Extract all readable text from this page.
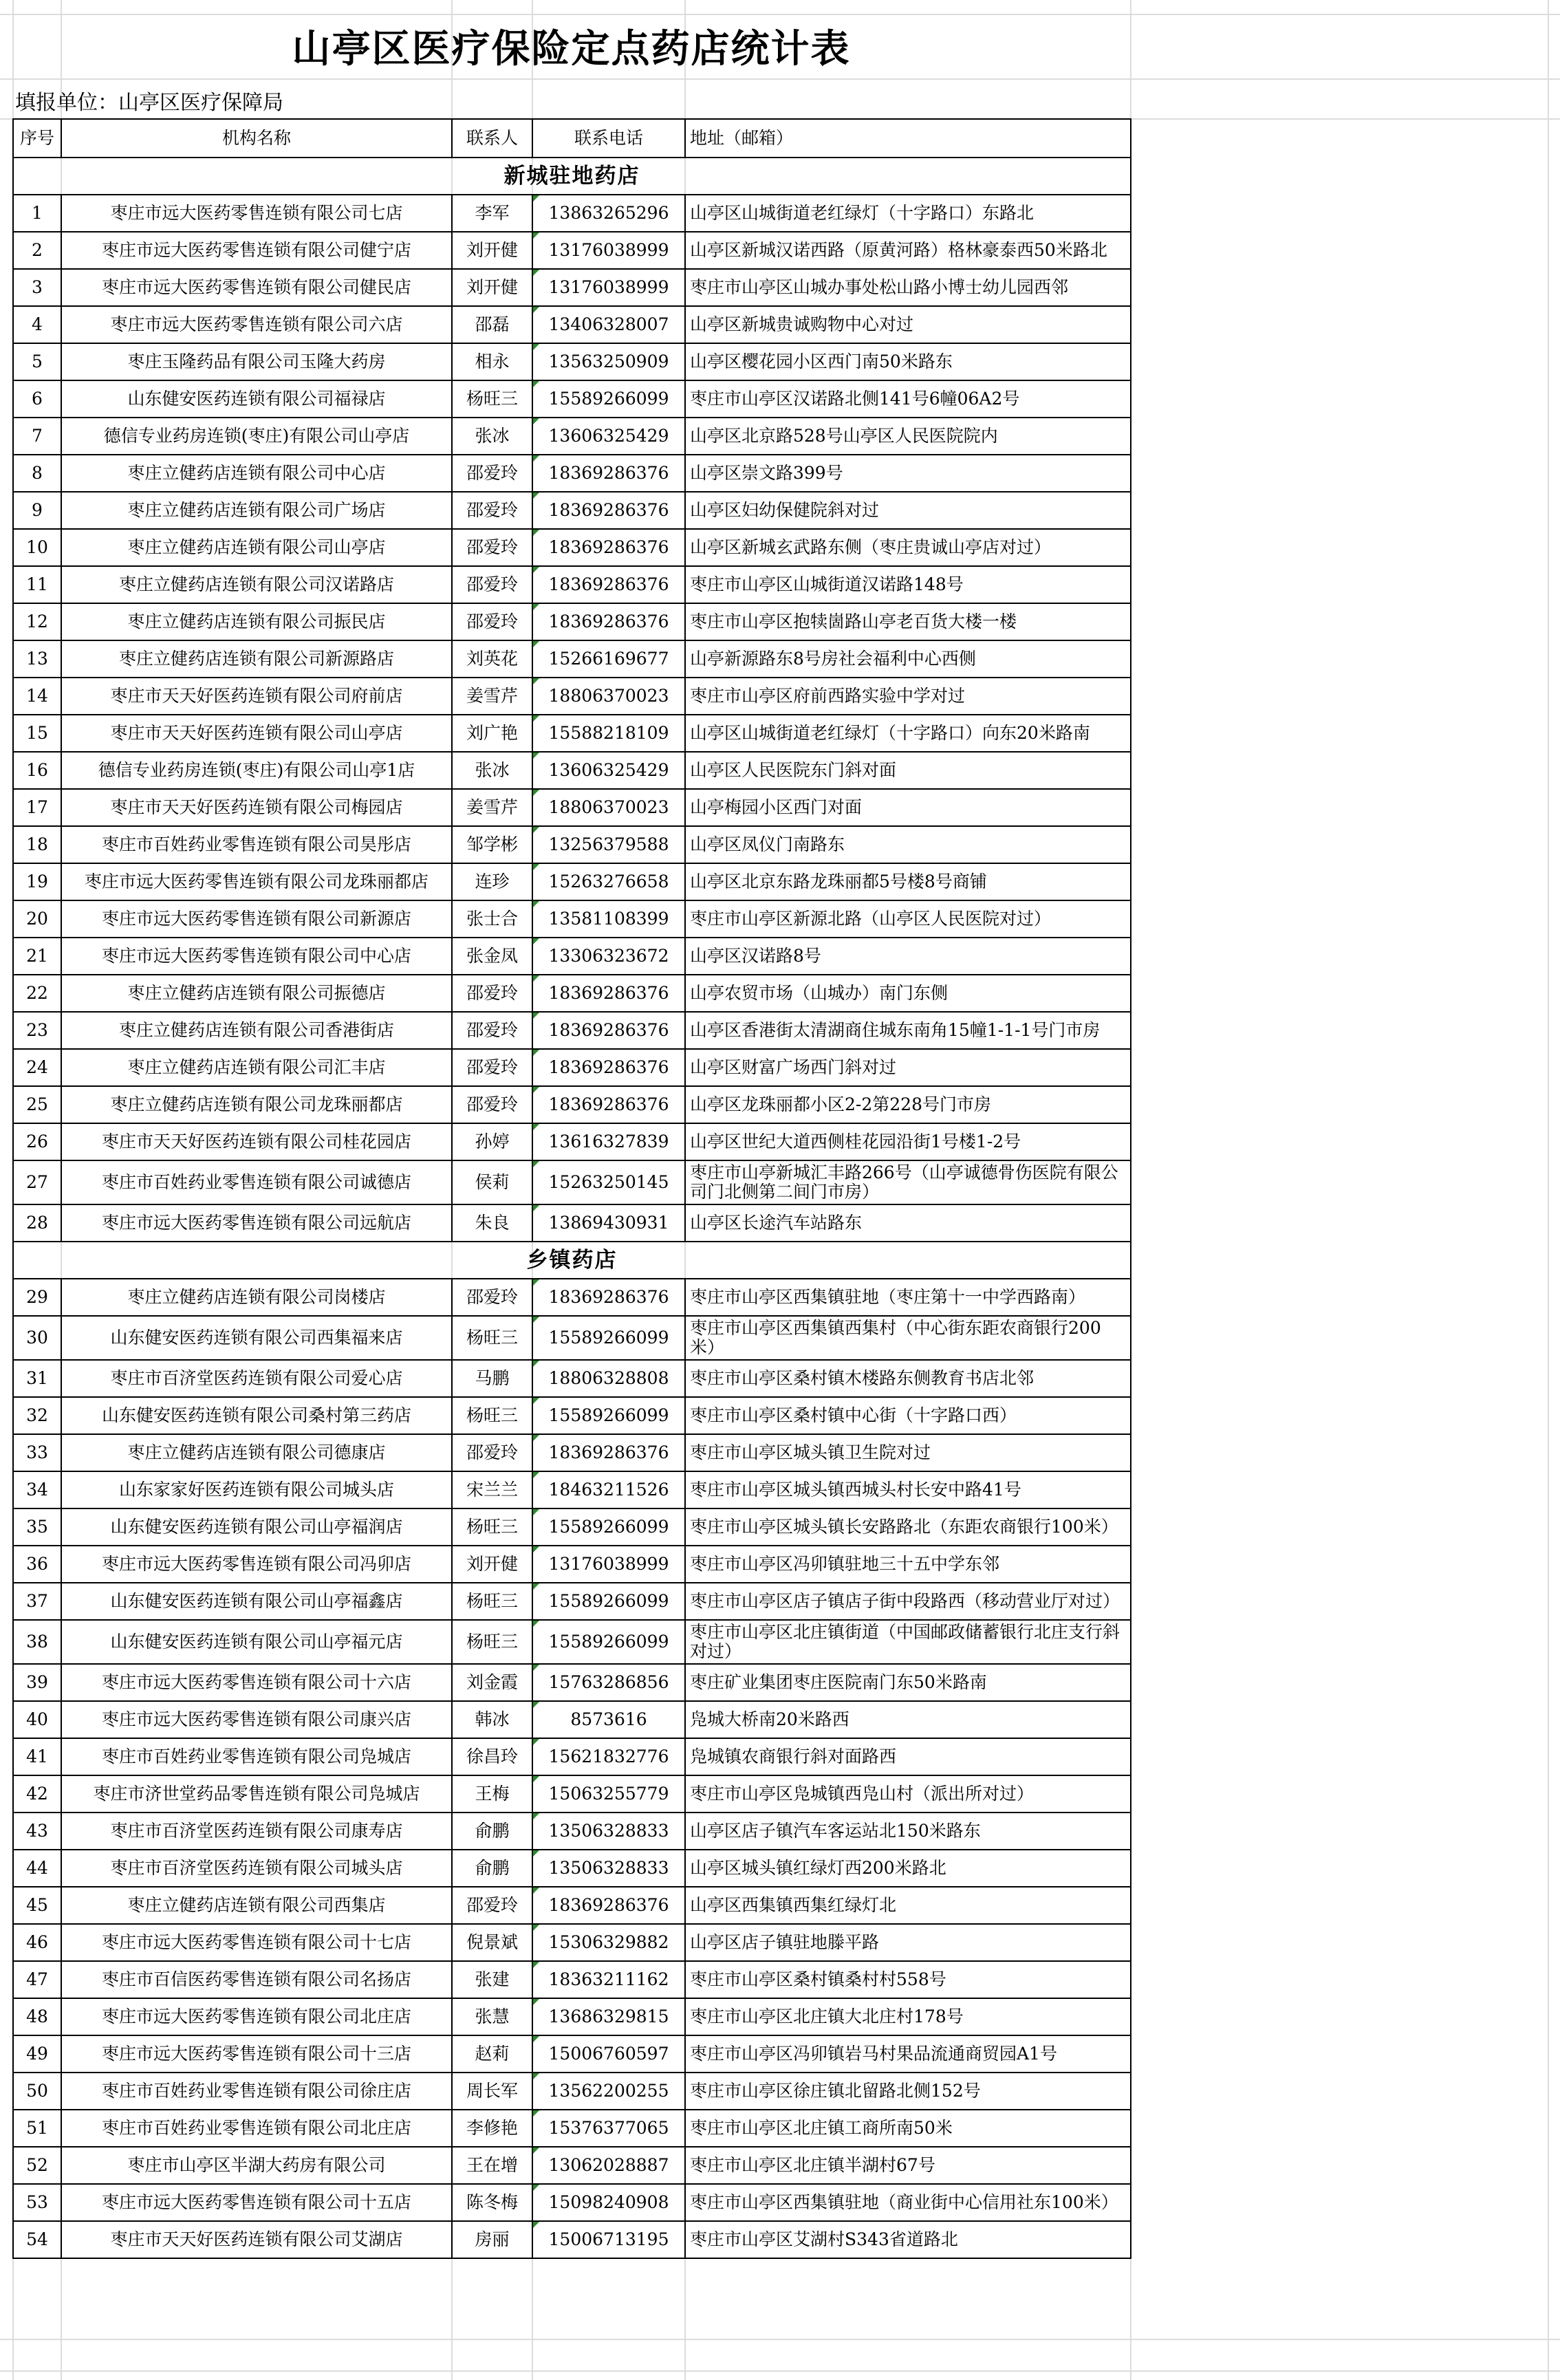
山亭区医疗保险定点药店统计表
填报单位：山亭区医疗保障局
序号	机构名称	联系人	联系电话	地址（邮箱）
新城驻地药店				
1	枣庄市远大医药零售连锁有限公司七店	李军	13863265296	山亭区山城街道老红绿灯（十字路口）东路北
2	枣庄市远大医药零售连锁有限公司健宁店	刘开健	13176038999	山亭区新城汉诺西路（原黄河路）格林豪泰西50米路北
3	枣庄市远大医药零售连锁有限公司健民店	刘开健	13176038999	枣庄市山亭区山城办事处松山路小博士幼儿园西邻
4	枣庄市远大医药零售连锁有限公司六店	邵磊	13406328007	山亭区新城贵诚购物中心对过
5	枣庄玉隆药品有限公司玉隆大药房	相永	13563250909	山亭区樱花园小区西门南50米路东
6	山东健安医药连锁有限公司福禄店	杨旺三	15589266099	枣庄市山亭区汉诺路北侧141号6幢06A2号
7	德信专业药房连锁(枣庄)有限公司山亭店	张冰	13606325429	山亭区北京路528号山亭区人民医院院内
8	枣庄立健药店连锁有限公司中心店	邵爱玲	18369286376	山亭区崇文路399号
9	枣庄立健药店连锁有限公司广场店	邵爱玲	18369286376	山亭区妇幼保健院斜对过
10	枣庄立健药店连锁有限公司山亭店	邵爱玲	18369286376	山亭区新城玄武路东侧（枣庄贵诚山亭店对过）
11	枣庄立健药店连锁有限公司汉诺路店	邵爱玲	18369286376	枣庄市山亭区山城街道汉诺路148号
12	枣庄立健药店连锁有限公司振民店	邵爱玲	18369286376	枣庄市山亭区抱犊崮路山亭老百货大楼一楼
13	枣庄立健药店连锁有限公司新源路店	刘英花	15266169677	山亭新源路东8号房社会福利中心西侧
14	枣庄市天天好医药连锁有限公司府前店	姜雪芹	18806370023	枣庄市山亭区府前西路实验中学对过
15	枣庄市天天好医药连锁有限公司山亭店	刘广艳	15588218109	山亭区山城街道老红绿灯（十字路口）向东20米路南
16	德信专业药房连锁(枣庄)有限公司山亭1店	张冰	13606325429	山亭区人民医院东门斜对面
17	枣庄市天天好医药连锁有限公司梅园店	姜雪芹	18806370023	山亭梅园小区西门对面
18	枣庄市百姓药业零售连锁有限公司昊彤店	邹学彬	13256379588	山亭区凤仪门南路东
19	枣庄市远大医药零售连锁有限公司龙珠丽都店	连珍	15263276658	山亭区北京东路龙珠丽都5号楼8号商铺
20	枣庄市远大医药零售连锁有限公司新源店	张士合	13581108399	枣庄市山亭区新源北路（山亭区人民医院对过）
21	枣庄市远大医药零售连锁有限公司中心店	张金凤	13306323672	山亭区汉诺路8号
22	枣庄立健药店连锁有限公司振德店	邵爱玲	18369286376	山亭农贸市场（山城办）南门东侧
23	枣庄立健药店连锁有限公司香港街店	邵爱玲	18369286376	山亭区香港街太清湖商住城东南角15幢1-1-1号门市房
24	枣庄立健药店连锁有限公司汇丰店	邵爱玲	18369286376	山亭区财富广场西门斜对过
25	枣庄立健药店连锁有限公司龙珠丽都店	邵爱玲	18369286376	山亭区龙珠丽都小区2-2第228号门市房
26	枣庄市天天好医药连锁有限公司桂花园店	孙婷	13616327839	山亭区世纪大道西侧桂花园沿街1号楼1-2号
27	枣庄市百姓药业零售连锁有限公司诚德店	侯莉	15263250145	枣庄市山亭新城汇丰路266号（山亭诚德骨伤医院有限公司门北侧第二间门市房）
28	枣庄市远大医药零售连锁有限公司远航店	朱良	13869430931	山亭区长途汽车站路东
乡镇药店				
29	枣庄立健药店连锁有限公司岗楼店	邵爱玲	18369286376	枣庄市山亭区西集镇驻地（枣庄第十一中学西路南）
30	山东健安医药连锁有限公司西集福来店	杨旺三	15589266099	枣庄市山亭区西集镇西集村（中心街东距农商银行200米）
31	枣庄市百济堂医药连锁有限公司爱心店	马鹏	18806328808	枣庄市山亭区桑村镇木楼路东侧教育书店北邻
32	山东健安医药连锁有限公司桑村第三药店	杨旺三	15589266099	枣庄市山亭区桑村镇中心街（十字路口西）
33	枣庄立健药店连锁有限公司德康店	邵爱玲	18369286376	枣庄市山亭区城头镇卫生院对过
34	山东家家好医药连锁有限公司城头店	宋兰兰	18463211526	枣庄市山亭区城头镇西城头村长安中路41号
35	山东健安医药连锁有限公司山亭福润店	杨旺三	15589266099	枣庄市山亭区城头镇长安路路北（东距农商银行100米）
36	枣庄市远大医药零售连锁有限公司冯卯店	刘开健	13176038999	枣庄市山亭区冯卯镇驻地三十五中学东邻
37	山东健安医药连锁有限公司山亭福鑫店	杨旺三	15589266099	枣庄市山亭区店子镇店子街中段路西（移动营业厅对过）
38	山东健安医药连锁有限公司山亭福元店	杨旺三	15589266099	枣庄市山亭区北庄镇街道（中国邮政储蓄银行北庄支行斜对过）
39	枣庄市远大医药零售连锁有限公司十六店	刘金霞	15763286856	枣庄矿业集团枣庄医院南门东50米路南
40	枣庄市远大医药零售连锁有限公司康兴店	韩冰	8573616	凫城大桥南20米路西
41	枣庄市百姓药业零售连锁有限公司凫城店	徐昌玲	15621832776	凫城镇农商银行斜对面路西
42	枣庄市济世堂药品零售连锁有限公司凫城店	王梅	15063255779	枣庄市山亭区凫城镇西凫山村（派出所对过）
43	枣庄市百济堂医药连锁有限公司康寿店	俞鹏	13506328833	山亭区店子镇汽车客运站北150米路东
44	枣庄市百济堂医药连锁有限公司城头店	俞鹏	13506328833	山亭区城头镇红绿灯西200米路北
45	枣庄立健药店连锁有限公司西集店	邵爱玲	18369286376	山亭区西集镇西集红绿灯北
46	枣庄市远大医药零售连锁有限公司十七店	倪景斌	15306329882	山亭区店子镇驻地滕平路
47	枣庄市百信医药零售连锁有限公司名扬店	张建	18363211162	枣庄市山亭区桑村镇桑村村558号
48	枣庄市远大医药零售连锁有限公司北庄店	张慧	13686329815	枣庄市山亭区北庄镇大北庄村178号
49	枣庄市远大医药零售连锁有限公司十三店	赵莉	15006760597	枣庄市山亭区冯卯镇岩马村果品流通商贸园A1号
50	枣庄市百姓药业零售连锁有限公司徐庄店	周长军	13562200255	枣庄市山亭区徐庄镇北留路北侧152号
51	枣庄市百姓药业零售连锁有限公司北庄店	李修艳	15376377065	枣庄市山亭区北庄镇工商所南50米
52	枣庄市山亭区半湖大药房有限公司	王在增	13062028887	枣庄市山亭区北庄镇半湖村67号
53	枣庄市远大医药零售连锁有限公司十五店	陈冬梅	15098240908	枣庄市山亭区西集镇驻地（商业街中心信用社东100米）
54	枣庄市天天好医药连锁有限公司艾湖店	房丽	15006713195	枣庄市山亭区艾湖村S343省道路北
